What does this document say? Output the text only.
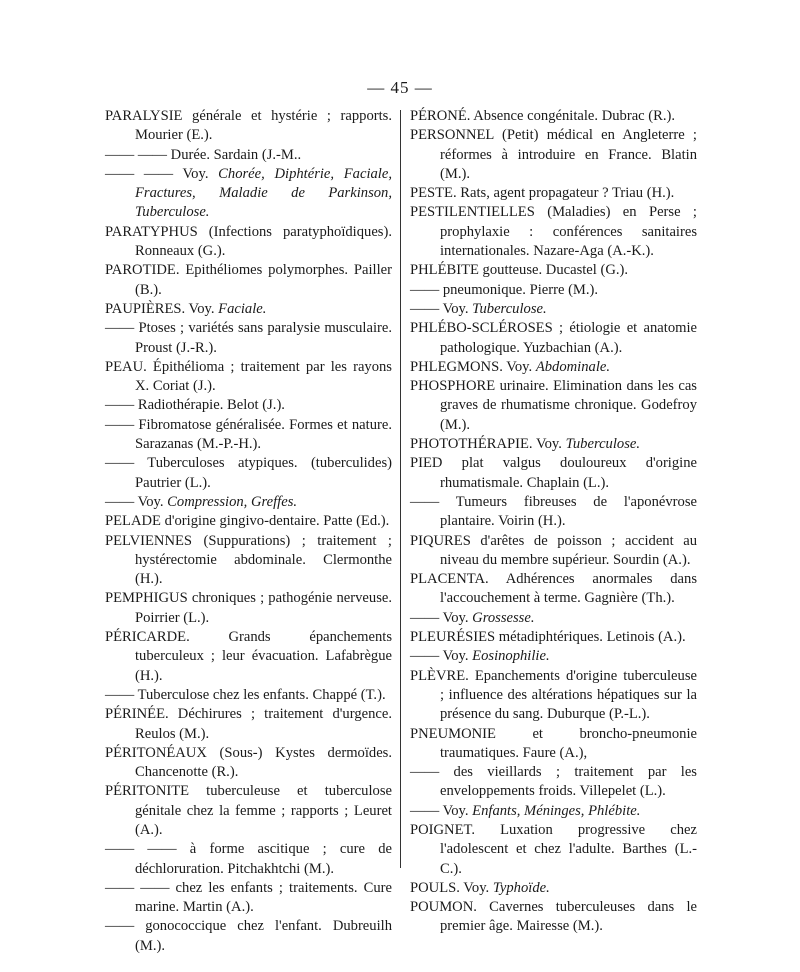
— 45 —

PARALYSIE générale et hystérie ; rapports. Mourier (E.).

—— —— Durée. Sardain (J.-M..

—— —— Voy. Chorée, Diphtérie, Faciale, Fractures, Maladie de Parkinson, Tuberculose.

PARATYPHUS (Infections paratyphoïdiques). Ronneaux (G.).

PAROTIDE. Epithéliomes polymorphes. Pailler (B.).

PAUPIÈRES. Voy. Faciale.

—— Ptoses ; variétés sans paralysie musculaire. Proust (J.-R.).

PEAU. Épithélioma ; traitement par les rayons X. Coriat (J.).

—— Radiothérapie. Belot (J.).

—— Fibromatose généralisée. Formes et nature. Sarazanas (M.-P.-H.).

—— Tuberculoses atypiques. (tuberculides) Pautrier (L.).

—— Voy. Compression, Greffes.

PELADE d'origine gingivo-dentaire. Patte (Ed.).

PELVIENNES (Suppurations) ; traitement ; hystérectomie abdominale. Clermonthe (H.).

PEMPHIGUS chroniques ; pathogénie nerveuse. Poirrier (L.).

PÉRICARDE. Grands épanchements tuberculeux ; leur évacuation. Lafabrègue (H.).

—— Tuberculose chez les enfants. Chappé (T.).

PÉRINÉE. Déchirures ; traitement d'urgence. Reulos (M.).

PÉRITONÉAUX (Sous-) Kystes dermoïdes. Chancenotte (R.).

PÉRITONITE tuberculeuse et tuberculose génitale chez la femme ; rapports ; Leuret (A.).

—— —— à forme ascitique ; cure de déchloruration. Pitchakhtchi (M.).

—— —— chez les enfants ; traitements. Cure marine. Martin (A.).

—— gonococcique chez l'enfant. Dubreuilh (M.).

PÉRONÉ. Absence congénitale. Dubrac (R.).

PERSONNEL (Petit) médical en Angleterre ; réformes à introduire en France. Blatin (M.).

PESTE. Rats, agent propagateur ? Triau (H.).

PESTILENTIELLES (Maladies) en Perse ; prophylaxie : conférences sanitaires internationales. Nazare-Aga (A.-K.).

PHLÉBITE goutteuse. Ducastel (G.).

—— pneumonique. Pierre (M.).

—— Voy. Tuberculose.

PHLÉBO-SCLÉROSES ; étiologie et anatomie pathologique. Yuzbachian (A.).

PHLEGMONS. Voy. Abdominale.

PHOSPHORE urinaire. Elimination dans les cas graves de rhumatisme chronique. Godefroy (M.).

PHOTOTHÉRAPIE. Voy. Tuberculose.

PIED plat valgus douloureux d'origine rhumatismale. Chaplain (L.).

—— Tumeurs fibreuses de l'aponévrose plantaire. Voirin (H.).

PIQURES d'arêtes de poisson ; accident au niveau du membre supérieur. Sourdin (A.).

PLACENTA. Adhérences anormales dans l'accouchement à terme. Gagnière (Th.).

—— Voy. Grossesse.

PLEURÉSIES métadiphtériques. Letinois (A.).

—— Voy. Eosinophilie.

PLÈVRE. Epanchements d'origine tuberculeuse ; influence des altérations hépatiques sur la présence du sang. Duburque (P.-L.).

PNEUMONIE et broncho-pneumonie traumatiques. Faure (A.),

—— des vieillards ; traitement par les enveloppements froids. Villepelet (L.).

—— Voy. Enfants, Méninges, Phlébite.

POIGNET. Luxation progressive chez l'adolescent et chez l'adulte. Barthes (L.-C.).

POULS. Voy. Typhoïde.

POUMON. Cavernes tuberculeuses dans le premier âge. Mairesse (M.).
